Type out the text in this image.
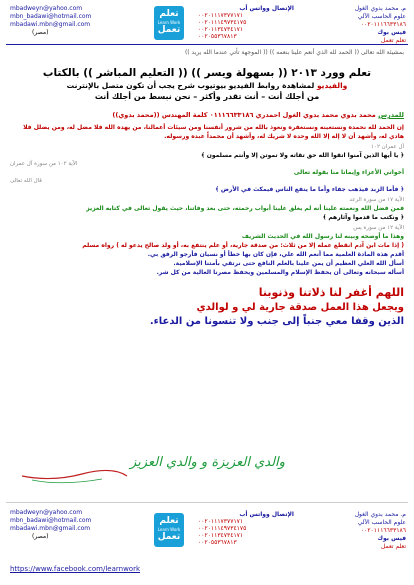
mbadweyn@yahoo.com
mbn_badawi@hotmail.com
mbadawi.mbn@gmail.com
(مصر)
تعلم
Learn Work
تعمل
الإتصال وواتس أب
٠٠٢٠١١١٧٣٧٧١٧١
٠٠٢٠١١١٤٩٧٣٤١٧٥
٠٠٢٠١١٣٤٧٣٤١٧١
٠٠٢٠٥٥٣٦٧٨١٣
م. محمد بدوي الغول
علوم الحاسب الآلي
٠٠٢٠١١١٦٦٣٣١٨٦
فيس بوك
تعلم تعمل
بمشيئة الله تعالى (( الحمد لله الذي أنعم علينا بنعمه )) (( الموجهة تأتي عندما الله يريد ))
تعلم وورد ٢٠١٣ (( بسهولة ويسر )) (( التعليم المباشر )) بالكتاب
والفيديو لمشاهدة روابط الفيديو بيوتيوب شرح يجب أن تكون متصل بالإنترنت
من أجلك أنت – أنت تقدر وأكثر – نحن نبسط من أجلك أنت
للمدرس محمد بدوي محمد بدوي الغول احمدري ٠١١١٦٦٣٣١٨٦ كلمة المهندس ((محمد بدوي))
إن الحمد لله نحمده ونستعينه ونستغفره ونعوذ بالله من شرور أنفسنا ومن سيئات أعمالنا، من يهده الله فلا مضل له، ومن يضلل فلا هادي له، وأشهد أن لا إله إلا الله وحده لا شريك له، وأشهد أن محمداً عبده ورسوله.
آل عمران ١٠٢
﴿ يا أيها الذين آمنوا اتقوا الله حق تقاته ولا تموتن إلا وأنتم مسلمون ﴾
الآية ١٠٢ من سورة آل عمران
أخواتي الأعزاء وإيمانا منا بقوله تعالى
قال الله تعالى
﴿ فأما الزبد فيذهب جفاء وأما ما ينفع الناس فيمكث في الأرض ﴾
الآية ١٧ من سورة الرعد
فمن فضل الله ونعمته علينا أنه لم يغلق علينا أبواب رحمته، حتى بعد وفاتنا، حيث يقول تعالى في كتابه العزيز
﴿ ونكتب ما قدموا وآثارهم ﴾
الآية ١٢ من سورة يس
وهذا ما أوضحه وبينه لنا رسول الله في الحديث الشريف
( إذا مات ابن آدم انقطع عمله إلا من ثلاث: من صدقة جارية، أو علم ينتفع به، أو ولد صالح يدعو له ) رواه مسلم
أقدم هذه المادة العلمية مما أنعم الله علي، فإن كان بها خطأ أو نسيان فأرجو الرفق بي.
أسأل الله العلي العظيم أن يمن علينا بالعلم النافع حتى نرتقي بأمتنا الإسلامية.
أسأله سبحانه وتعالى أن يحفظ الإسلام والمسلمين ويحفظ مصرنا الغالية من كل شر.
اللهم أغفر لنا ذلاتنا وذنوبنا
ويجعل هذا العمل صدقة جارية لي و لوالدي
الذين وقفا معي جنباً إلى جنب ولا تنسونا من الدعاء.
والدي العزيزة و والدي العزيز
mbadweyn@yahoo.com
mbn_badawi@hotmail.com
mbadawi.mbn@gmail.com
(مصر)
تعلم
Learn Work
تعمل
الإتصال وواتس أب
٠٠٢٠١١١٧٣٧٧١٧١
٠٠٢٠١١١٤٩٧٣٤١٧٥
٠٠٢٠١١٣٤٧٣٤١٧١
٠٠٢٠٥٥٣٦٧٨١٣
م. محمد بدوي الغول
علوم الحاسب الآلي
٠٠٢٠١١١٦٦٣٣١٨٦
فيس بوك
تعلم تعمل
https://www.facebook.com/learnwork
